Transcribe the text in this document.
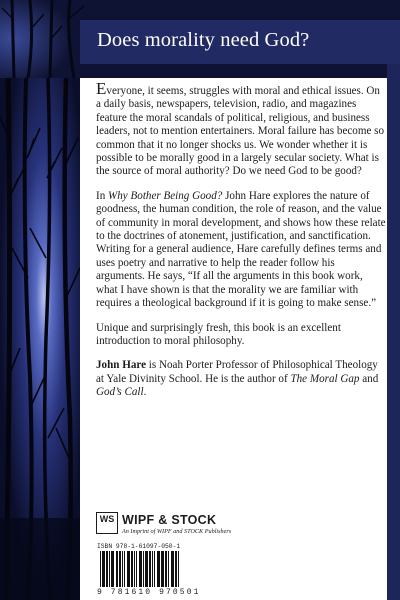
Does morality need God?

Everyone, it seems, struggles with moral and ethical issues. On a daily basis, newspapers, television, radio, and magazines feature the moral scandals of political, religious, and business leaders, not to mention entertainers. Moral failure has become so common that it no longer shocks us. We wonder whether it is possible to be morally good in a largely secular society. What is the source of moral authority? Do we need God to be good?

In Why Bother Being Good? John Hare explores the nature of goodness, the human condition, the role of reason, and the value of community in moral development, and shows how these relate to the doctrines of atonement, justification, and sanctification. Writing for a general audience, Hare carefully defines terms and uses poetry and narrative to help the reader follow his arguments. He says, “If all the arguments in this book work, what I have shown is that the morality we are familiar with requires a theological background if it is going to make sense.”

Unique and surprisingly fresh, this book is an excellent introduction to moral philosophy.

John Hare is Noah Porter Professor of Philosophical Theology at Yale Divinity School. He is the author of The Moral Gap and God’s Call.

WS WIPF & STOCK
An Imprint of WIPF and STOCK Publishers
ISBN 978-1-61097-050-1
9 781610 970501
